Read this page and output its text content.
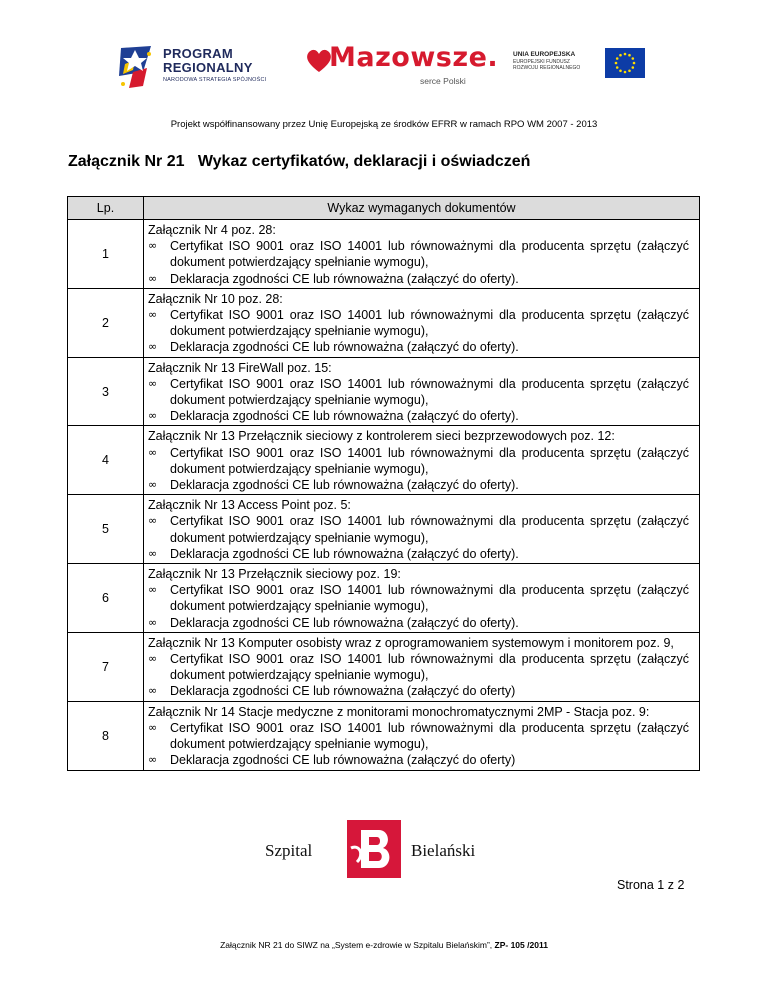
PROGRAM
REGIONALNY
NARODOWA STRATEGIA SPÓJNOŚCI
Mazowsze.
serce Polski
UNIA EUROPEJSKA
EUROPEJSKI FUNDUSZ
ROZWOJU REGIONALNEGO
Projekt współfinansowany przez Unię Europejską ze środków EFRR w ramach RPO WM 2007 - 2013
Załącznik Nr 21   Wykaz certyfikatów, deklaracji i oświadczeń
Lp.	Wykaz wymaganych dokumentów
1	Załącznik Nr 4 poz. 28:
∞ Certyfikat ISO 9001 oraz ISO 14001 lub równoważnymi dla producenta sprzętu (załączyć dokument potwierdzający spełnianie wymogu),
∞ Deklaracja zgodności CE lub równoważna (załączyć do oferty).

2	Załącznik Nr 10 poz. 28:
∞ Certyfikat ISO 9001 oraz ISO 14001 lub równoważnymi dla producenta sprzętu (załączyć dokument potwierdzający spełnianie wymogu),
∞ Deklaracja zgodności CE lub równoważna (załączyć do oferty).

3	Załącznik Nr 13 FireWall poz. 15:
∞ Certyfikat ISO 9001 oraz ISO 14001 lub równoważnymi dla producenta sprzętu (załączyć dokument potwierdzający spełnianie wymogu),
∞ Deklaracja zgodności CE lub równoważna (załączyć do oferty).

4	Załącznik Nr 13 Przełącznik sieciowy z kontrolerem sieci bezprzewodowych poz. 12:
∞ Certyfikat ISO 9001 oraz ISO 14001 lub równoważnymi dla producenta sprzętu (załączyć dokument potwierdzający spełnianie wymogu),
∞ Deklaracja zgodności CE lub równoważna (załączyć do oferty).

5	Załącznik Nr 13 Access Point poz. 5:
∞ Certyfikat ISO 9001 oraz ISO 14001 lub równoważnymi dla producenta sprzętu (załączyć dokument potwierdzający spełnianie wymogu),
∞ Deklaracja zgodności CE lub równoważna (załączyć do oferty).

6	Załącznik Nr 13 Przełącznik sieciowy poz. 19:
∞ Certyfikat ISO 9001 oraz ISO 14001 lub równoważnymi dla producenta sprzętu (załączyć dokument potwierdzający spełnianie wymogu),
∞ Deklaracja zgodności CE lub równoważna (załączyć do oferty).

7	Załącznik Nr 13 Komputer osobisty wraz z oprogramowaniem systemowym i monitorem poz. 9,
∞ Certyfikat ISO 9001 oraz ISO 14001 lub równoważnymi dla producenta sprzętu (załączyć dokument potwierdzający spełnianie wymogu),
∞ Deklaracja zgodności CE lub równoważna (załączyć do oferty)

8	Załącznik Nr 14 Stacje medyczne z monitorami monochromatycznymi 2MP - Stacja poz. 9:
∞ Certyfikat ISO 9001 oraz ISO 14001 lub równoważnymi dla producenta sprzętu (załączyć dokument potwierdzający spełnianie wymogu),
∞ Deklaracja zgodności CE lub równoważna (załączyć do oferty)
Szpital	Bielański
Strona 1 z 2
Załącznik NR 21 do SIWZ na „System e-zdrowie w Szpitalu Bielańskim”, ZP- 105 /2011
